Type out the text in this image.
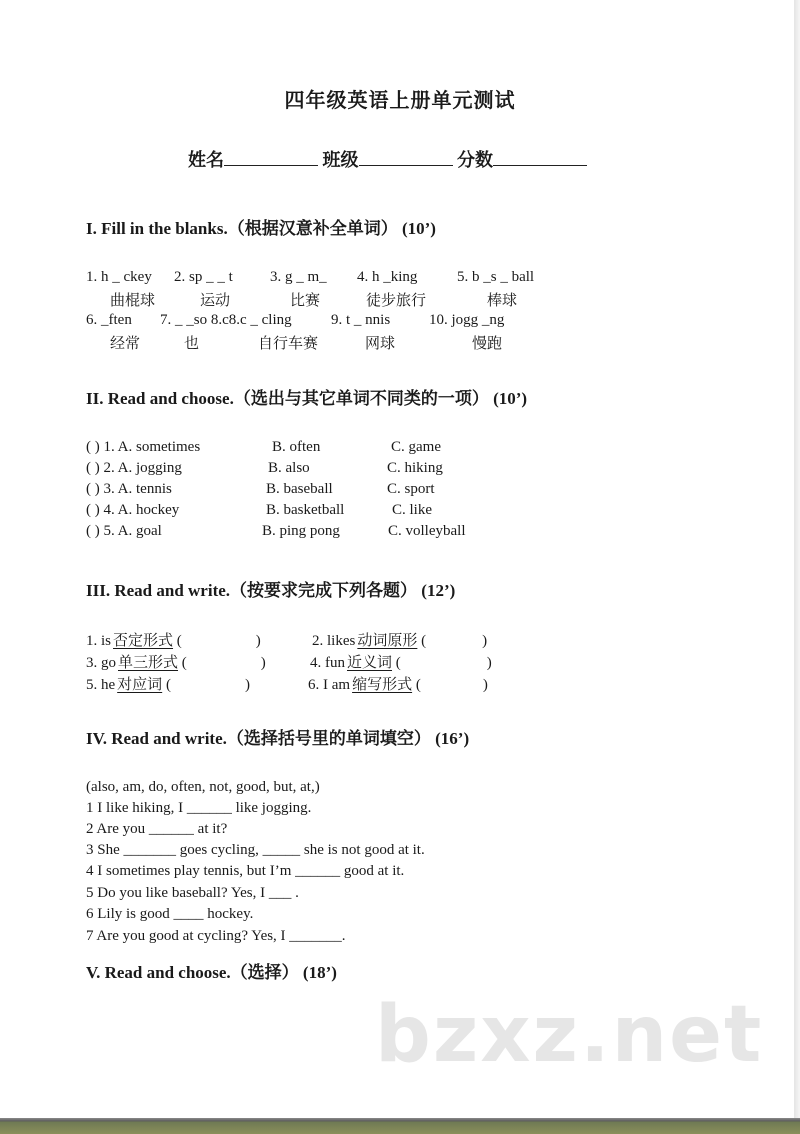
四年级英语上册单元测试
姓名	班级	分数
I. Fill in the blanks.（根据汉意补全单词） (10’)
1. h _ ckey 2. sp _ _ t 3. g _ m_ 4. h _king	5. b _s _ ball
曲棍球	运动	比赛	徒步旅行	棒球
6. _ften 7. _ _so 8.c8.c _ cling	9. t _ nnis	10. jogg _ng
经常	也	自行车赛	网球	慢跑
II. Read and choose.（选出与其它单词不同类的一项） (10’)
( ) 1. A. sometimes	B. often	C. game
( ) 2. A. jogging	B. also	C. hiking
( ) 3. A. tennis	B. baseball	C. sport
( ) 4. A. hockey	B. basketball	C. like
( ) 5. A. goal	B. ping pong	C. volleyball
III. Read and write.（按要求完成下列各题） (12’)
1. is 否定形式 (	)	2. likes 动词原形 (	)
3. go 单三形式 (	)	4. fun 近义词 (	)
5. he 对应词 (	)	6. I am 缩写形式 (	)
IV. Read and write.（选择括号里的单词填空） (16’)
(also, am, do, often, not, good, but, at,)
1 I like hiking, I ______ like jogging.
2 Are you ______ at it?
3 She _______ goes cycling, _____ she is not good at it.
4 I sometimes play tennis, but I’m ______ good at it.
5 Do you like baseball? Yes, I ___ .
6 Lily is good ____ hockey.
7 Are you good at cycling? Yes, I _______.
V. Read and choose.（选择） (18’)
bzxz.net
